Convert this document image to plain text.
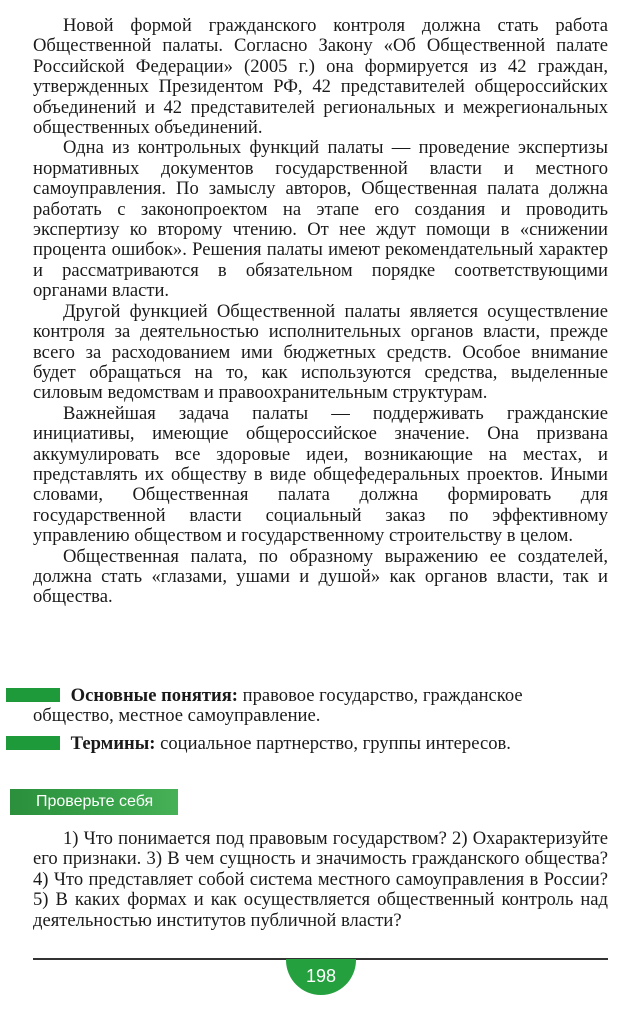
Новой формой гражданского контроля должна стать работа Общественной палаты. Согласно Закону «Об Общественной палате Российской Федерации» (2005 г.) она формируется из 42 граждан, утвержденных Президентом РФ, 42 представителей общероссийских объединений и 42 представителей региональных и межрегиональных общественных объединений.

Одна из контрольных функций палаты — проведение экспертизы нормативных документов государственной власти и местного самоуправления. По замыслу авторов, Общественная палата должна работать с законопроектом на этапе его создания и проводить экспертизу ко второму чтению. От нее ждут помощи в «снижении процента ошибок». Решения палаты имеют рекомендательный характер и рассматриваются в обязательном порядке соответствующими органами власти.

Другой функцией Общественной палаты является осуществление контроля за деятельностью исполнительных органов власти, прежде всего за расходованием ими бюджетных средств. Особое внимание будет обращаться на то, как используются средства, выделенные силовым ведомствам и правоохранительным структурам.

Важнейшая задача палаты — поддерживать гражданские инициативы, имеющие общероссийское значение. Она призвана аккумулировать все здоровые идеи, возникающие на местах, и представлять их обществу в виде общефедеральных проектов. Иными словами, Общественная палата должна формировать для государственной власти социальный заказ по эффективному управлению обществом и государственному строительству в целом.

Общественная палата, по образному выражению ее создателей, должна стать «глазами, ушами и душой» как органов власти, так и общества.

Основные понятия: правовое государство, гражданское
общество, местное самоуправление.
Термины: социальное партнерство, группы интересов.
Проверьте себя

1) Что понимается под правовым государством? 2) Охарактеризуйте его признаки. 3) В чем сущность и значимость гражданского общества? 4) Что представляет собой система местного самоуправления в России? 5) В каких формах и как осуществляется общественный контроль над деятельностью институтов публичной власти?

198
